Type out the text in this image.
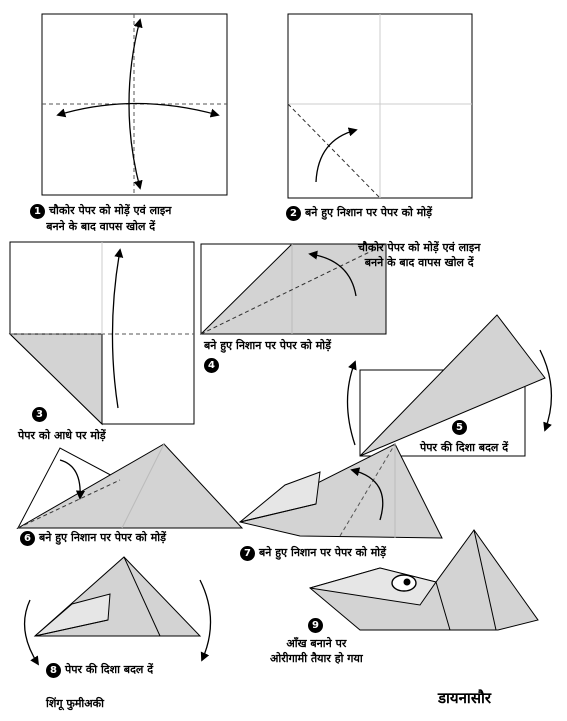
1 चौकोर पेपर को मोड़ें एवं लाइन
बनने के बाद वापस खोल दें
2 बने हुए निशान पर पेपर को मोड़ें
चौकोर पेपर को मोड़ें एवं लाइन
बनने के बाद वापस खोल दें
बने हुए निशान पर पेपर को मोड़ें
4
3
पेपर को आधे पर मोड़ें
5
पेपर की दिशा बदल दें
6 बने हुए निशान पर पेपर को मोड़ें
7 बने हुए निशान पर पेपर को मोड़ें
8 पेपर की दिशा बदल दें
9
आँख बनाने पर
ओरीगामी तैयार हो गया
शिंगू फुमीअकी	डायनासौर
